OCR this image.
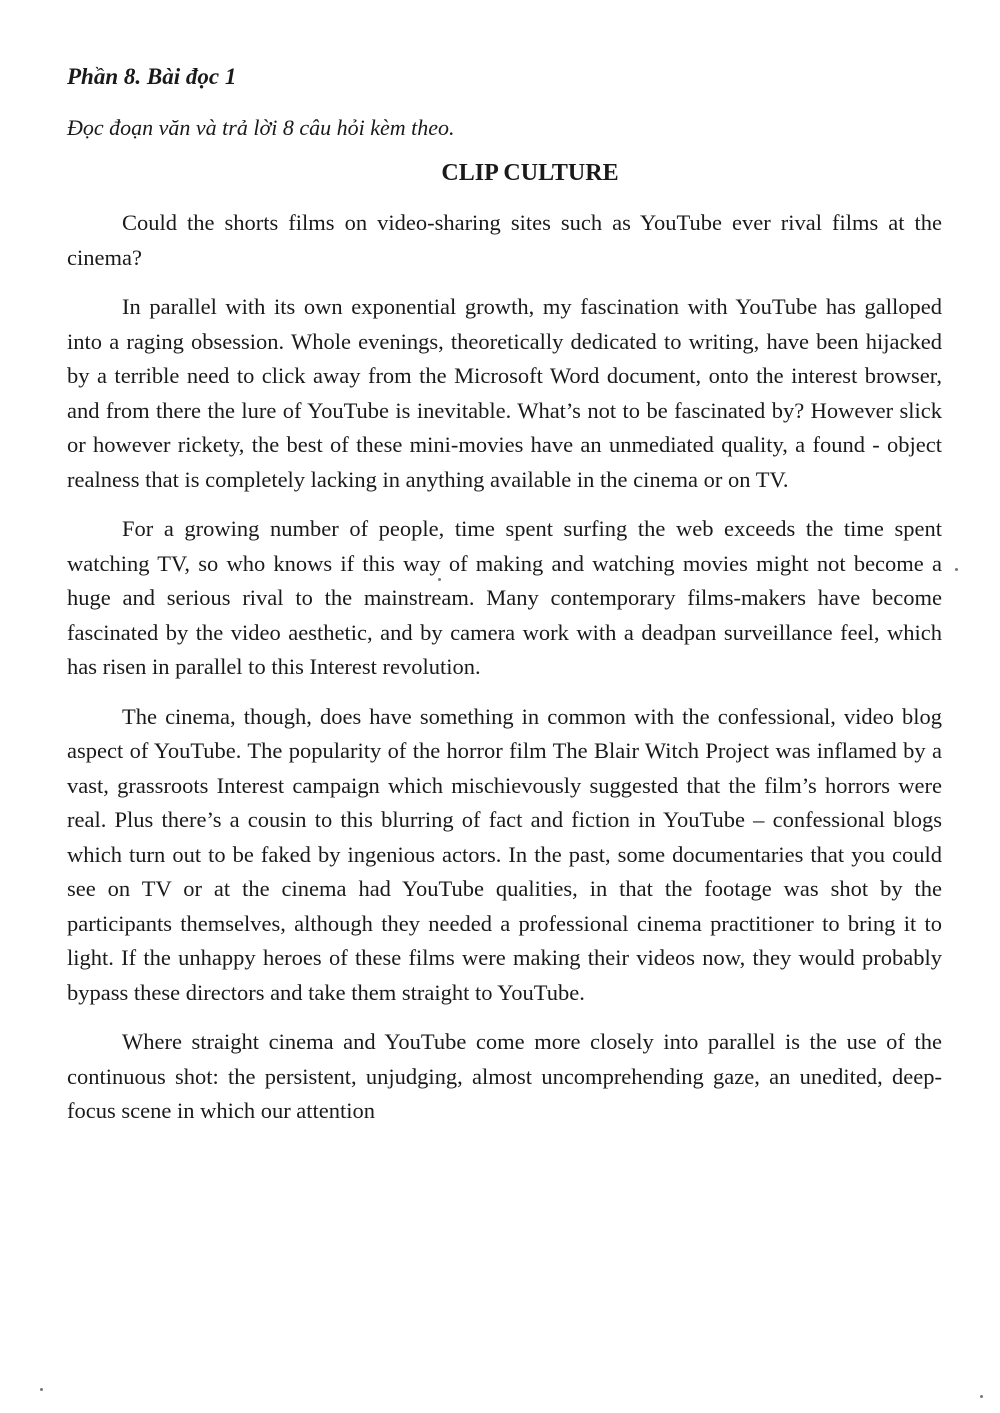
Phần 8. Bài đọc 1

Đọc đoạn văn và trả lời 8 câu hỏi kèm theo.

CLIP CULTURE

Could the shorts films on video-sharing sites such as YouTube ever rival films at the cinema?

In parallel with its own exponential growth, my fascination with YouTube has galloped into a raging obsession. Whole evenings, theoretically dedicated to writing, have been hijacked by a terrible need to click away from the Microsoft Word document, onto the interest browser, and from there the lure of YouTube is inevitable. What’s not to be fascinated by? However slick or however rickety, the best of these mini-movies have an unmediated quality, a found - object realness that is completely lacking in anything available in the cinema or on TV.

For a growing number of people, time spent surfing the web exceeds the time spent watching TV, so who knows if this way of making and watching movies might not become a huge and serious rival to the mainstream. Many contemporary films-makers have become fascinated by the video aesthetic, and by camera work with a deadpan surveillance feel, which has risen in parallel to this Interest revolution.

The cinema, though, does have something in common with the confessional, video blog aspect of YouTube. The popularity of the horror film The Blair Witch Project was inflamed by a vast, grassroots Interest campaign which mischievously suggested that the film’s horrors were real. Plus there’s a cousin to this blurring of fact and fiction in YouTube – confessional blogs which turn out to be faked by ingenious actors. In the past, some documentaries that you could see on TV or at the cinema had YouTube qualities, in that the footage was shot by the participants themselves, although they needed a professional cinema practitioner to bring it to light. If the unhappy heroes of these films were making their videos now, they would probably bypass these directors and take them straight to YouTube.

Where straight cinema and YouTube come more closely into parallel is the use of the continuous shot: the persistent, unjudging, almost uncomprehending gaze, an unedited, deep-focus scene in which our attention
